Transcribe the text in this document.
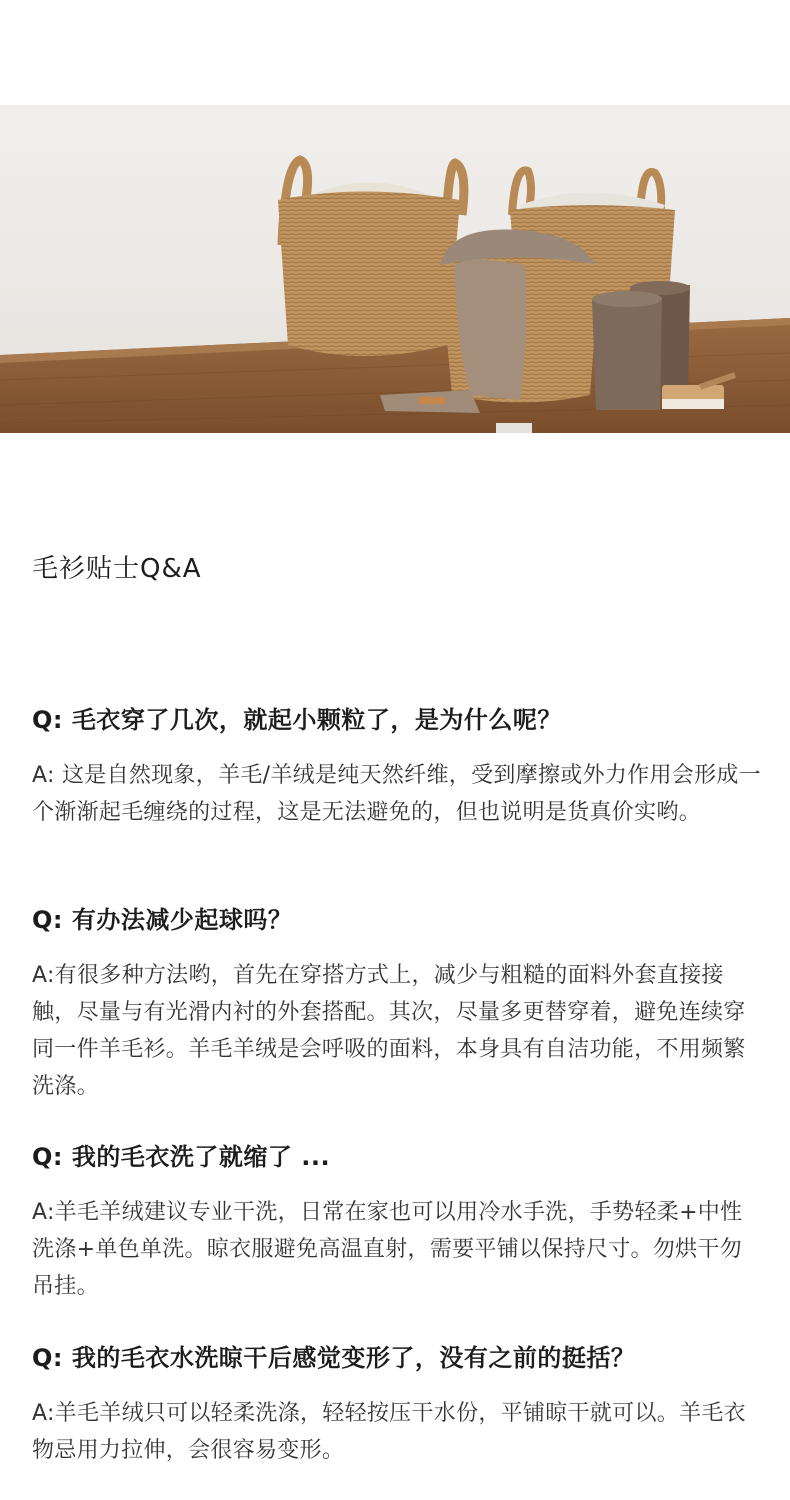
毛衫贴士Q&A
Q: 毛衣穿了几次，就起小颗粒了，是为什么呢？
A: 这是自然现象，羊毛/羊绒是纯天然纤维，受到摩擦或外力作用会形成一个渐渐起毛缠绕的过程，这是无法避免的，但也说明是货真价实哟。
Q: 有办法减少起球吗？
A:有很多种方法哟，首先在穿搭方式上，减少与粗糙的面料外套直接接触，尽量与有光滑内衬的外套搭配。其次，尽量多更替穿着，避免连续穿同一件羊毛衫。羊毛羊绒是会呼吸的面料，本身具有自洁功能，不用频繁洗涤。
Q: 我的毛衣洗了就缩了 ...
A:羊毛羊绒建议专业干洗，日常在家也可以用冷水手洗，手势轻柔+中性洗涤+单色单洗。晾衣服避免高温直射，需要平铺以保持尺寸。勿烘干勿吊挂。
Q: 我的毛衣水洗晾干后感觉变形了，没有之前的挺括？
A:羊毛羊绒只可以轻柔洗涤，轻轻按压干水份，平铺晾干就可以。羊毛衣物忌用力拉伸，会很容易变形。
